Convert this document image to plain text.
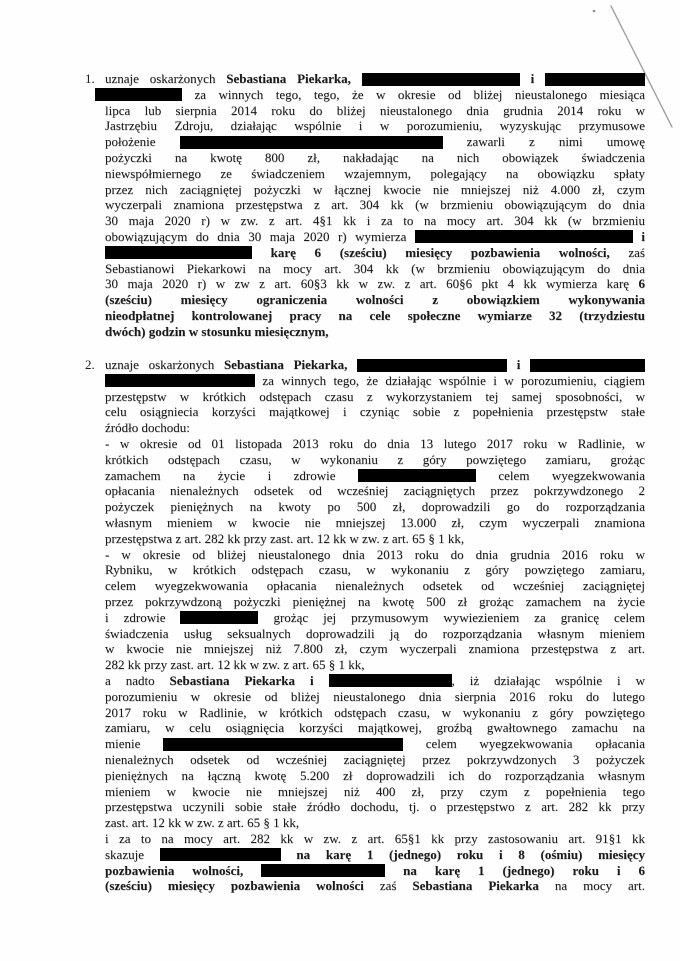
1. uznaje oskarżonych Sebastiana Piekarka,	i
za winnych tego, tego, że w okresie od bliżej nieustalonego miesiąca
lipca lub sierpnia 2014 roku do bliżej nieustalonego dnia grudnia 2014 roku w
Jastrzębiu Zdroju, działając wspólnie i w porozumieniu, wyzyskując przymusowe
położenie	zawarli z nimi umowę
pożyczki na kwotę 800 zł, nakładając na nich obowiązek świadczenia
niewspółmiernego ze świadczeniem wzajemnym, polegający na obowiązku spłaty
przez nich zaciągniętej pożyczki w łącznej kwocie nie mniejszej niż 4.000 zł, czym
wyczerpali znamiona przestępstwa z art. 304 kk (w brzmieniu obowiązującym do dnia
30 maja 2020 r) w zw. z art. 4§1 kk i za to na mocy art. 304 kk (w brzmieniu
obowiązującym do dnia 30 maja 2020 r) wymierza	i
karę 6 (sześciu) miesięcy pozbawienia wolności, zaś
Sebastianowi Piekarkowi na mocy art. 304 kk (w brzmieniu obowiązującym do dnia
30 maja 2020 r) w zw z art. 60§3 kk w zw. z art. 60§6 pkt 4 kk wymierza karę 6
(sześciu) miesięcy ograniczenia wolności z obowiązkiem wykonywania
nieodpłatnej kontrolowanej pracy na cele społeczne wymiarze 32 (trzydziestu
dwóch) godzin w stosunku miesięcznym,
2. uznaje oskarżonych Sebastiana Piekarka,	i
za winnych tego, że działając wspólnie i w porozumieniu, ciągiem
przestępstw w krótkich odstępach czasu z wykorzystaniem tej samej sposobności, w
celu osiągniecia korzyści majątkowej i czyniąc sobie z popełnienia przestępstw stałe
źródło dochodu:
- w okresie od 01 listopada 2013 roku do dnia 13 lutego 2017 roku w Radlinie, w
krótkich odstępach czasu, w wykonaniu z góry powziętego zamiaru, grożąc
zamachem na życie i zdrowie	celem wyegzekwowania
opłacania nienależnych odsetek od wcześniej zaciągniętych przez pokrzywdzonego 2
pożyczek pieniężnych na kwoty po 500 zł, doprowadzili go do rozporządzania
własnym mieniem w kwocie nie mniejszej 13.000 zł, czym wyczerpali znamiona
przestępstwa z art. 282 kk przy zast. art. 12 kk w zw. z art. 65 § 1 kk,
- w okresie od bliżej nieustalonego dnia 2013 roku do dnia grudnia 2016 roku w
Rybniku, w krótkich odstępach czasu, w wykonaniu z góry powziętego zamiaru,
celem wyegzekwowania opłacania nienależnych odsetek od wcześniej zaciągniętej
przez pokrzywdzoną pożyczki pieniężnej na kwotę 500 zł grożąc zamachem na życie
i zdrowie	grożąc jej przymusowym wywiezieniem za granicę celem
świadczenia usług seksualnych doprowadzili ją do rozporządzania własnym mieniem
w kwocie nie mniejszej niż 7.800 zł, czym wyczerpali znamiona przestępstwa z art.
282 kk przy zast. art. 12 kk w zw. z art. 65 § 1 kk,
a nadto Sebastiana Piekarka i	, iż działając wspólnie i w
porozumieniu w okresie od bliżej nieustalonego dnia sierpnia 2016 roku do lutego
2017 roku w Radlinie, w krótkich odstępach czasu, w wykonaniu z góry powziętego
zamiaru, w celu osiągnięcia korzyści majątkowej, groźbą gwałtownego zamachu na
mienie	celem wyegzekwowania opłacania
nienależnych odsetek od wcześniej zaciągniętej przez pokrzywdzonych 3 pożyczek
pieniężnych na łączną kwotę 5.200 zł doprowadzili ich do rozporządzania własnym
mieniem w kwocie nie mniejszej niż 400 zł, przy czym z popełnienia tego
przestępstwa uczynili sobie stałe źródło dochodu, tj. o przestępstwo z art. 282 kk przy
zast. art. 12 kk w zw. z art. 65 § 1 kk,
i za to na mocy art. 282 kk w zw. z art. 65§1 kk przy zastosowaniu art. 91§1 kk
skazuje	na karę 1 (jednego) roku i 8 (ośmiu) miesięcy
pozbawienia wolności,	na karę 1 (jednego) roku i 6
(sześciu) miesięcy pozbawienia wolności zaś Sebastiana Piekarka na mocy art.
